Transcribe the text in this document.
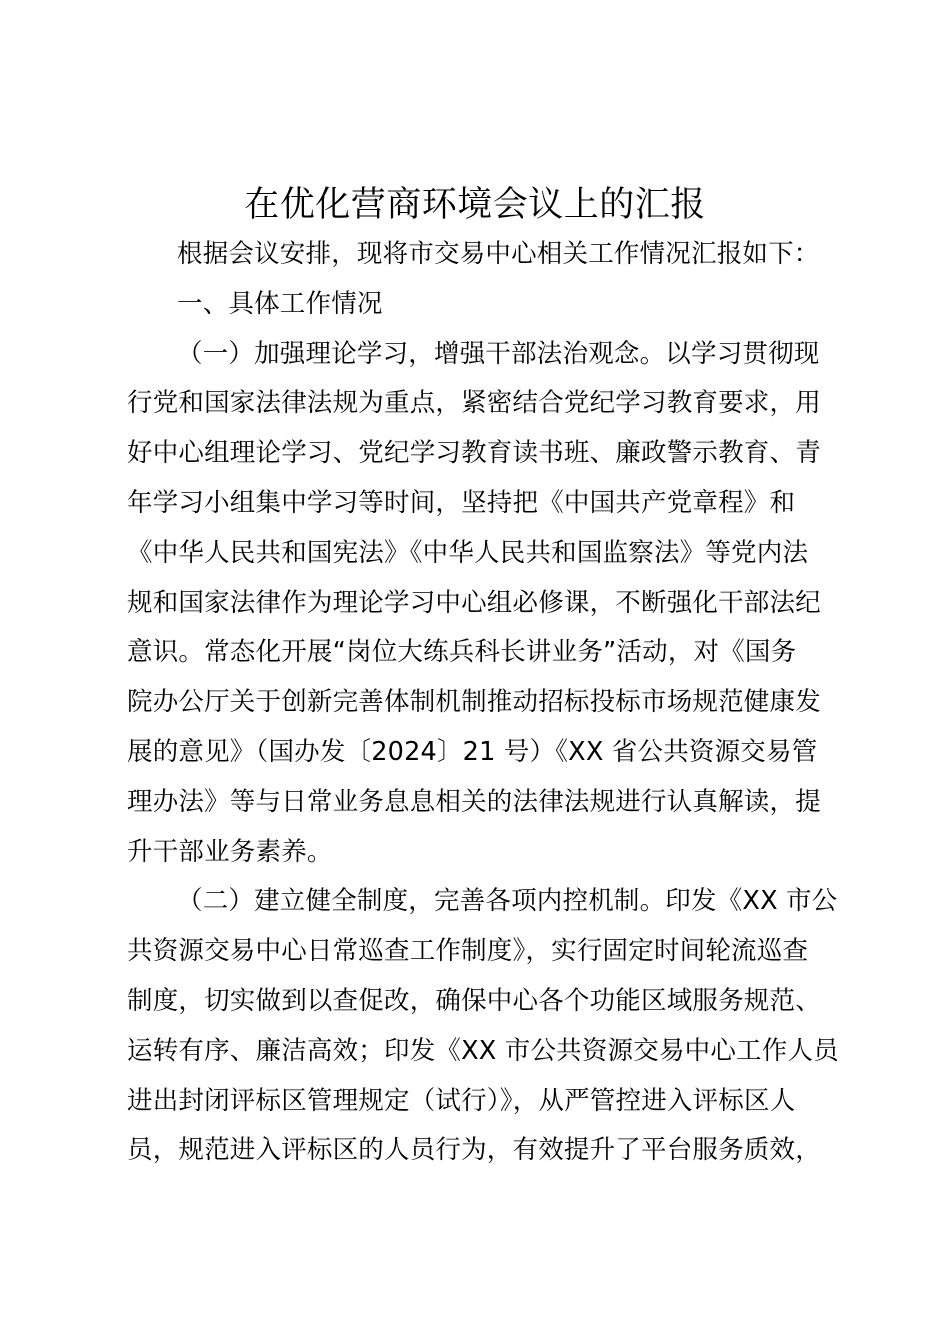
在优化营商环境会议上的汇报
根据会议安排，现将市交易中心相关工作情况汇报如下：
一、具体工作情况
（一）加强理论学习，增强干部法治观念。以学习贯彻现
行党和国家法律法规为重点，紧密结合党纪学习教育要求，用
好中心组理论学习、党纪学习教育读书班、廉政警示教育、青
年学习小组集中学习等时间，坚持把《中国共产党章程》和
《中华人民共和国宪法》《中华人民共和国监察法》等党内法
规和国家法律作为理论学习中心组必修课，不断强化干部法纪
意识。常态化开展“岗位大练兵科长讲业务”活动，对《国务
院办公厅关于创新完善体制机制推动招标投标市场规范健康发
展的意见》（国办发〔2024〕21 号）《XX 省公共资源交易管
理办法》等与日常业务息息相关的法律法规进行认真解读，提
升干部业务素养。
（二）建立健全制度，完善各项内控机制。印发《XX 市公
共资源交易中心日常巡查工作制度》，实行固定时间轮流巡查
制度，切实做到以查促改，确保中心各个功能区域服务规范、
运转有序、廉洁高效；印发《XX 市公共资源交易中心工作人员
进出封闭评标区管理规定（试行）》，从严管控进入评标区人
员，规范进入评标区的人员行为，有效提升了平台服务质效，
